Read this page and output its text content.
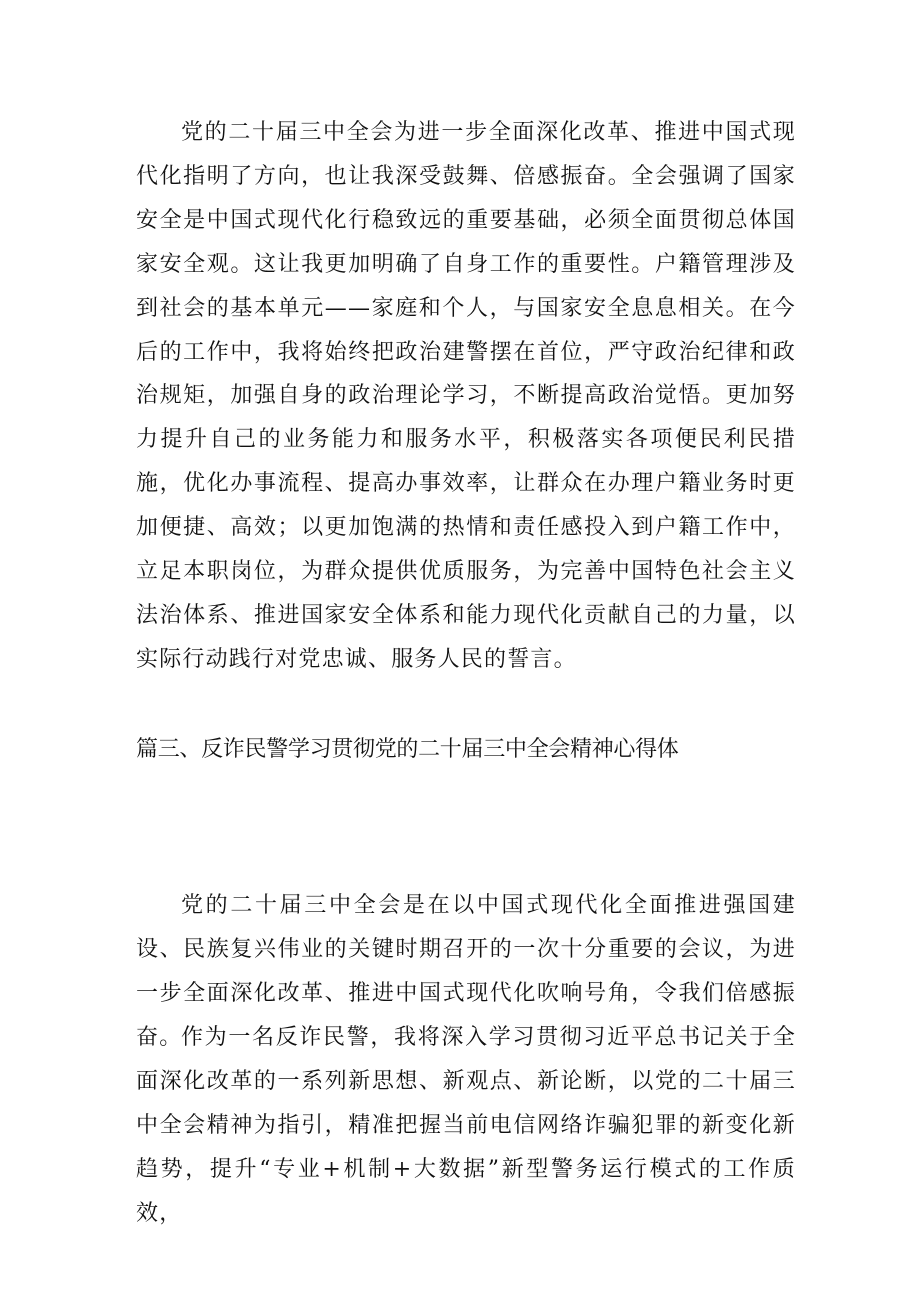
党的二十届三中全会为进一步全面深化改革、推进中国式现代化指明了方向，也让我深受鼓舞、倍感振奋。全会强调了国家安全是中国式现代化行稳致远的重要基础，必须全面贯彻总体国家安全观。这让我更加明确了自身工作的重要性。户籍管理涉及到社会的基本单元——家庭和个人，与国家安全息息相关。在今后的工作中，我将始终把政治建警摆在首位，严守政治纪律和政治规矩，加强自身的政治理论学习，不断提高政治觉悟。更加努力提升自己的业务能力和服务水平，积极落实各项便民利民措施，优化办事流程、提高办事效率，让群众在办理户籍业务时更加便捷、高效；以更加饱满的热情和责任感投入到户籍工作中，立足本职岗位，为群众提供优质服务，为完善中国特色社会主义法治体系、推进国家安全体系和能力现代化贡献自己的力量，以实际行动践行对党忠诚、服务人民的誓言。

篇三、反诈民警学习贯彻党的二十届三中全会精神心得体

党的二十届三中全会是在以中国式现代化全面推进强国建设、民族复兴伟业的关键时期召开的一次十分重要的会议，为进一步全面深化改革、推进中国式现代化吹响号角，令我们倍感振奋。

作为一名反诈民警，我将深入学习贯彻习近平总书记关于全面深化改革的一系列新思想、新观点、新论断，以党的二十届三中全会精神为指引，精准把握当前电信网络诈骗犯罪的新变化新趋势，提升“专业+机制+大数据”新型警务运行模式的工作质效，
